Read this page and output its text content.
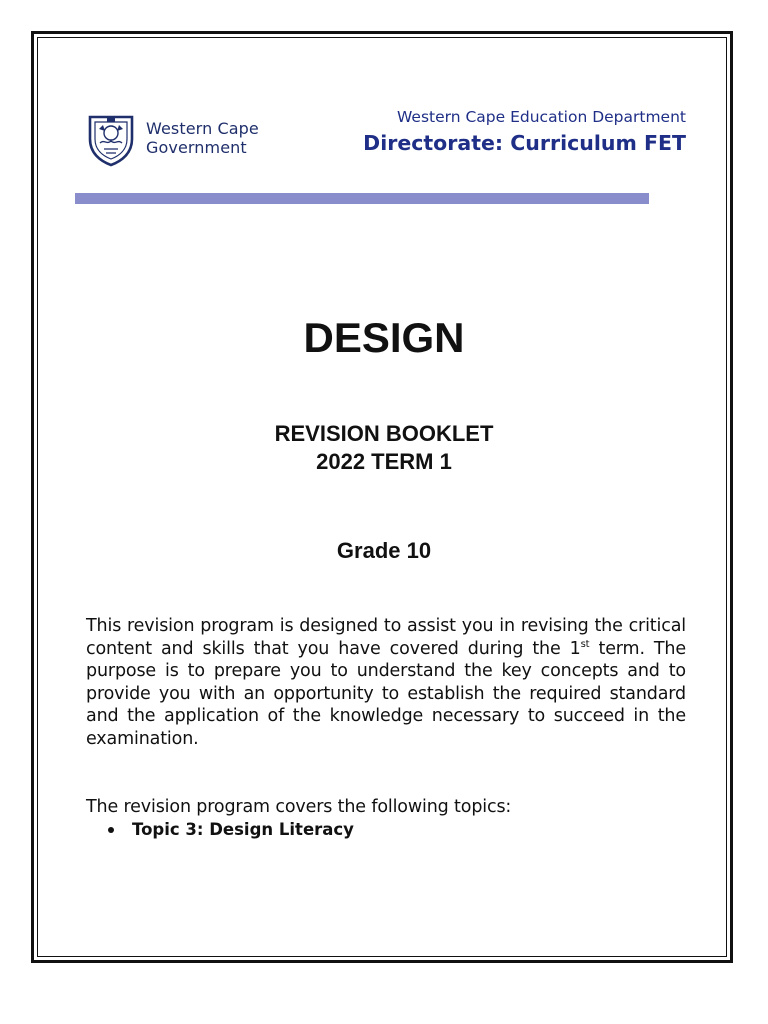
Western Cape
Government
Western Cape Education Department
Directorate: Curriculum FET
DESIGN
REVISION BOOKLET
2022 TERM 1
Grade 10
This revision program is designed to assist you in revising the critical content and skills that you have covered during the 1st term. The purpose is to prepare you to understand the key concepts and to provide you with an opportunity to establish the required standard and the application of the knowledge necessary to succeed in the examination.
The revision program covers the following topics:
Topic 3: Design Literacy
